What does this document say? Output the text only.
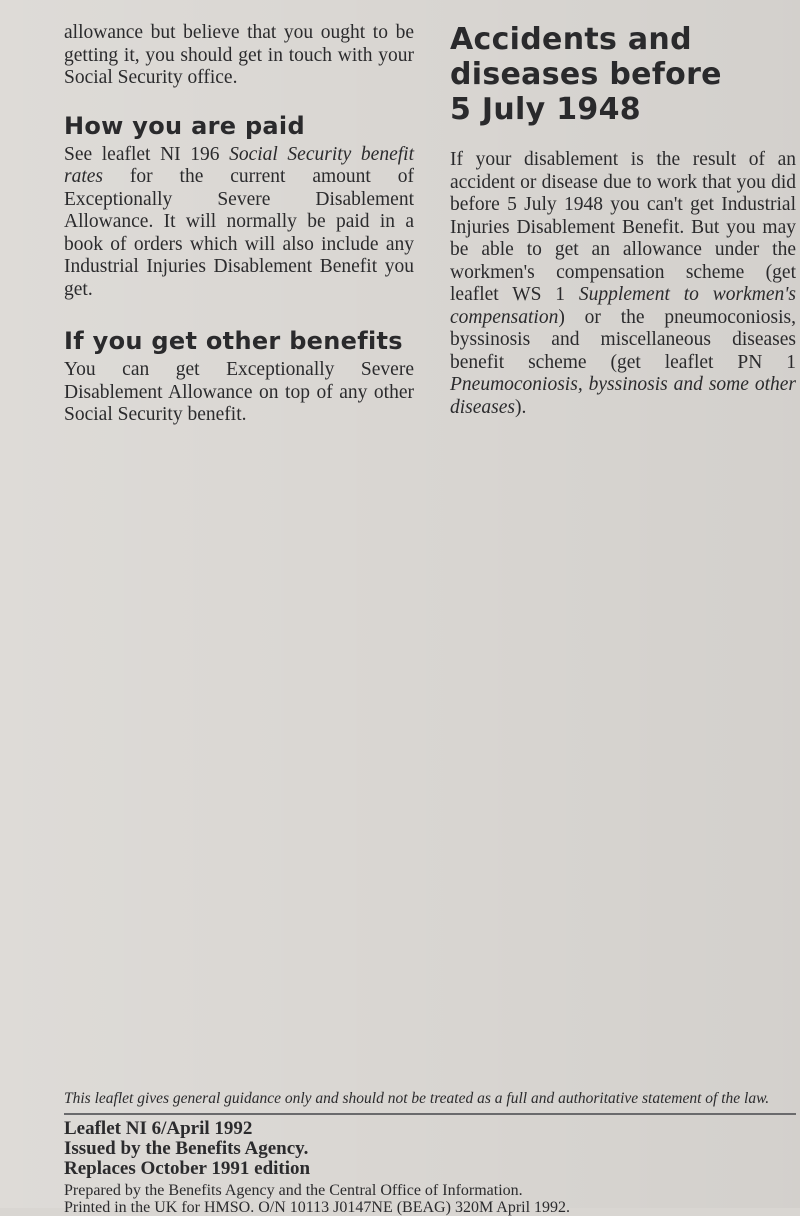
allowance but believe that you ought to be getting it, you should get in touch with your Social Security office.

How you are paid

See leaflet NI 196 Social Security benefit rates for the current amount of Exceptionally Severe Disablement Allowance. It will normally be paid in a book of orders which will also include any Industrial Injuries Disablement Benefit you get.

If you get other benefits

You can get Exceptionally Severe Disablement Allowance on top of any other Social Security benefit.

Accidents and
diseases before
5 July 1948

If your disablement is the result of an accident or disease due to work that you did before 5 July 1948 you can't get Industrial Injuries Disablement Benefit. But you may be able to get an allowance under the workmen's compensation scheme (get leaflet WS 1 Supplement to workmen's compensation) or the pneumoconiosis, byssinosis and miscellaneous diseases benefit scheme (get leaflet PN 1 Pneumoconiosis, byssinosis and some other diseases).

This leaflet gives general guidance only and should not be treated as a full and authoritative statement of the law.

Leaflet NI 6/April 1992

Issued by the Benefits Agency.

Replaces October 1991 edition

Prepared by the Benefits Agency and the Central Office of Information.

Printed in the UK for HMSO. O/N 10113 J0147NE (BEAG) 320M April 1992.
